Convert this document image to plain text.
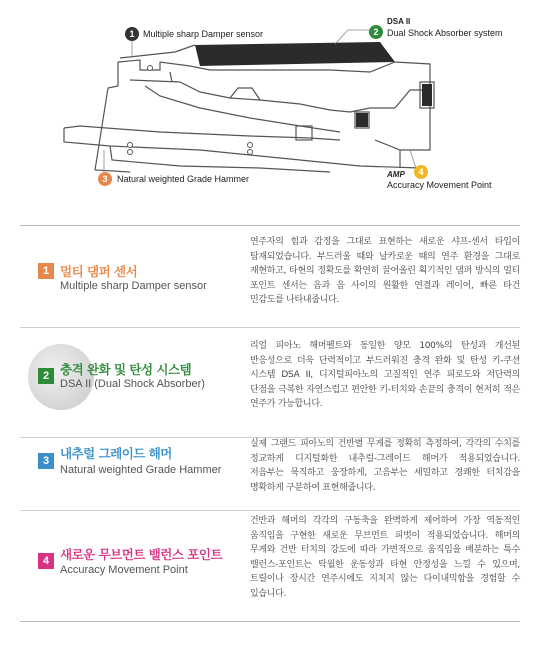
1 Multiple sharp Damper sensor	2
DSA II
Dual Shock Absorber system
3	Natural weighted Grade Hammer
4
AMP
Accuracy Movement Point
1 멀티 댐퍼 센서
Multiple sharp Damper sensor
연주자의 힘과 감정을 그대로 표현하는 새로운 샤프-센서 타입이 탑재되었습니다. 부드러울 때와 날카로운 때의 연주 환경을 그대로 재현하고, 타현의 정확도를 확연히 끌어올린 획기적인 댐퍼 방식의 멀티 포인트 센서는 음과 음 사이의 원활한 연결과 레이어, 빠른 타건 민감도를 나타내줍니다.
2 충격 완화 및 탄성 시스템
DSA II (Dual Shock Absorber)
리얼 피아노 해머펠트와 동일한 양모 100%의 탄성과 개선된 반응성으로 더욱 단력적이고 부드러워진 충격 완화 및 탄성 키-쿠션 시스템 DSA II, 디지털피아노의 고질적인 연주 피로도와 저단력의 단점을 극복한 자연스럽고 편안한 키-터치와 손끝의 충격이 현저히 적은 연주가 가능합니다.
3 내추럴 그레이드 해머
Natural weighted Grade Hammer
실제 그랜드 피아노의 건반별 무게를 정확히 측정하여, 각각의 수치를 정교하게 디지털화한 내추럴-그레이드 해머가 적용되었습니다. 저음부는 묵직하고 웅장하게, 고음부는 세밀하고 경쾌한 터치감을 명확하게 구분하여 표현해줍니다.
4 새로운 무브먼트 밸런스 포인트
Accuracy Movement Point
건반과 해머의 각각의 구동축을 완벽하게 제어하여 가장 역동적인 움직임을 구현한 새로운 무브먼트 피벗이 적용되었습니다. 해머의 무게와 건반 터치의 강도에 따라 가변적으로 움직임을 배분하는 특수 밸런스-포인트는 탁월한 운동성과 타현 안정성을 느낄 수 있으며, 트릴이나 장시간 연주시에도 지치지 않는 다이내믹함을 경험할 수 있습니다.
